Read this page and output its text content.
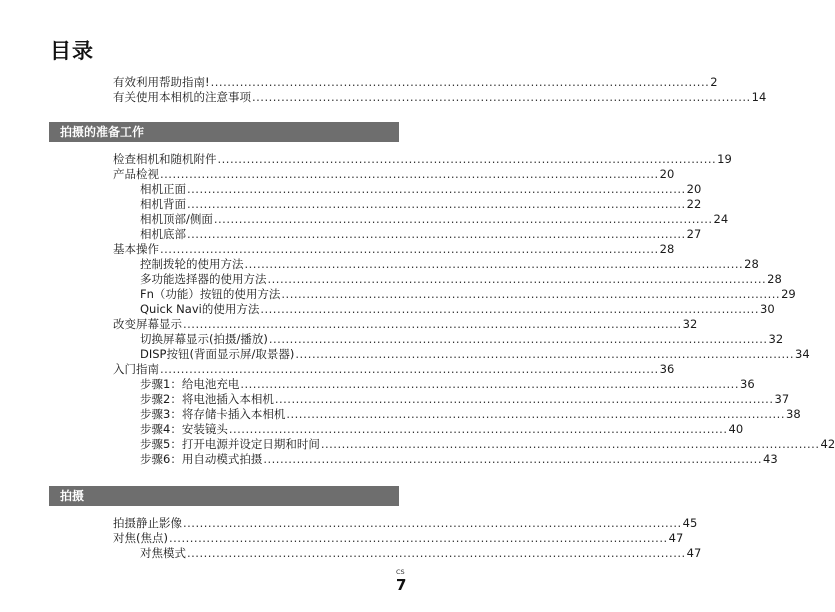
目录
有效利用帮助指南! ........................................................................................................................ 2
有关使用本相机的注意事项 ........................................................................................................................ 14
拍摄的准备工作
检查相机和随机附件 ........................................................................................................................ 19
产品检视 ........................................................................................................................ 20
相机正面 ........................................................................................................................ 20
相机背面 ........................................................................................................................ 22
相机顶部/侧面 ........................................................................................................................ 24
相机底部 ........................................................................................................................ 27
基本操作 ........................................................................................................................ 28
控制拨轮的使用方法 ........................................................................................................................ 28
多功能选择器的使用方法 ........................................................................................................................ 28
Fn（功能）按钮的使用方法 ........................................................................................................................ 29
Quick Navi的使用方法 ........................................................................................................................ 30
改变屏幕显示 ........................................................................................................................ 32
切换屏幕显示(拍摄/播放) ........................................................................................................................ 32
DISP按钮(背面显示屏/取景器) ........................................................................................................................ 34
入门指南 ........................................................................................................................ 36
步骤1：给电池充电 ........................................................................................................................ 36
步骤2：将电池插入本相机 ........................................................................................................................ 37
步骤3：将存储卡插入本相机 ........................................................................................................................ 38
步骤4：安装镜头 ........................................................................................................................ 40
步骤5：打开电源并设定日期和时间 ........................................................................................................................ 42
步骤6：用自动模式拍摄 ........................................................................................................................ 43
拍摄
拍摄静止影像 ........................................................................................................................ 45
对焦(焦点) ........................................................................................................................ 47
对焦模式 ........................................................................................................................ 47
CS
7
